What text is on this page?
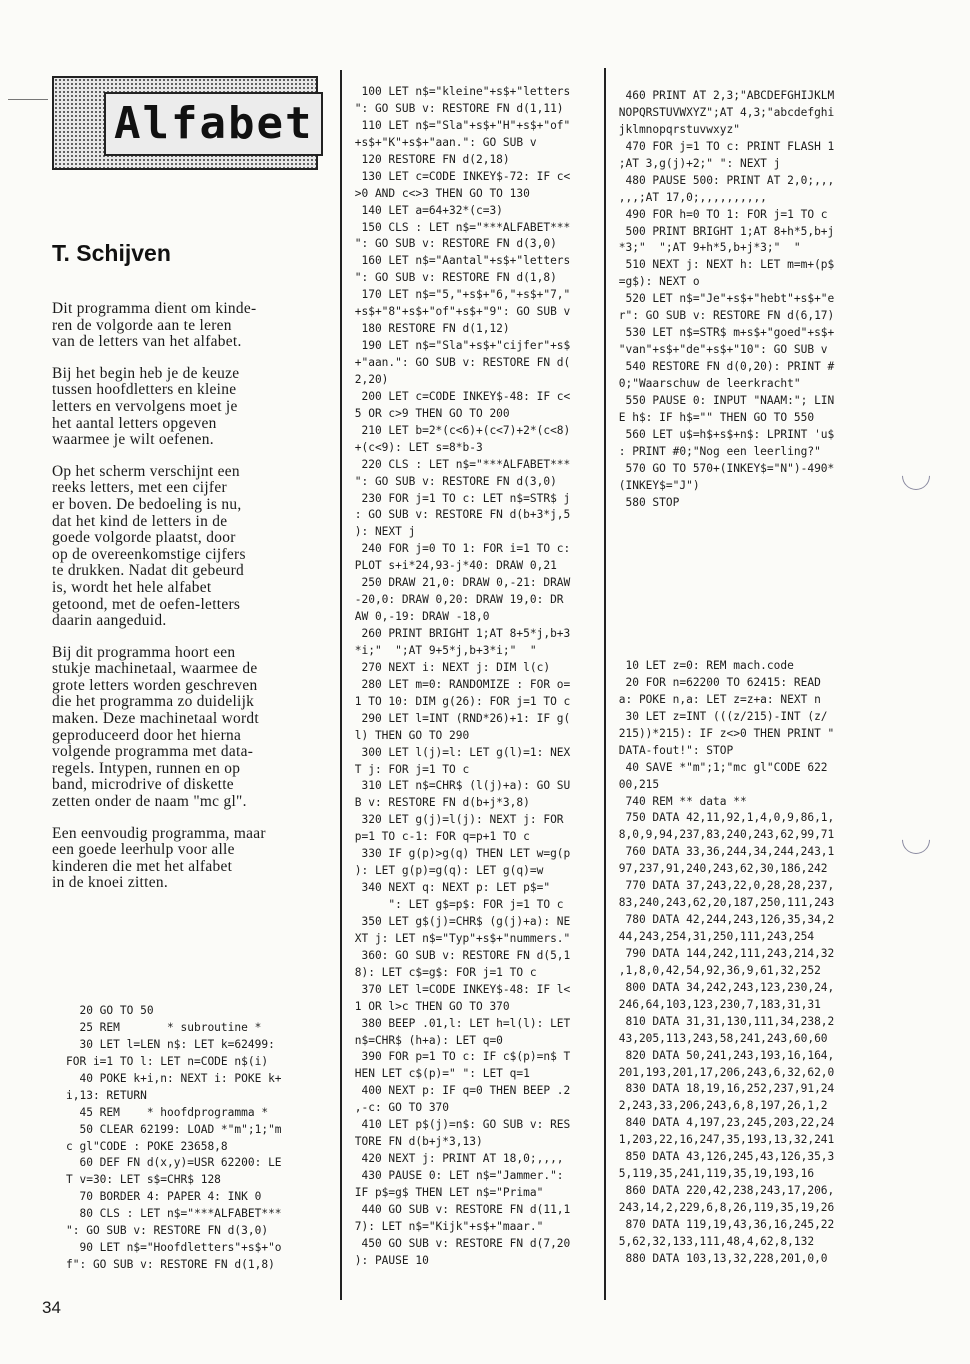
Alfabet
T. Schijven

Dit programma dient om kinde-
ren de volgorde aan te leren
van de letters van het alfabet.

Bij het begin heb je de keuze
tussen hoofdletters en kleine
letters en vervolgens moet je
het aantal letters opgeven
waarmee je wilt oefenen.

Op het scherm verschijnt een
reeks letters, met een cijfer
er boven. De bedoeling is nu,
dat het kind de letters in de
goede volgorde plaatst, door
op de overeenkomstige cijfers
te drukken. Nadat dit gebeurd
is, wordt het hele alfabet
getoond, met de oefen-letters
daarin aangeduid.

Bij dit programma hoort een
stukje machinetaal, waarmee de
grote letters worden geschreven
die het programma zo duidelijk
maken. Deze machinetaal wordt
geproduceerd door het hierna
volgende programma met data-
regels. Intypen, runnen en op
band, microdrive of diskette
zetten onder de naam "mc gl".

Een eenvoudig programma, maar
een goede leerhulp voor alle
kinderen die met het alfabet
in de knoei zitten.

20 GO TO 50
25 REM       * subroutine *
30 LET l=LEN n$: LET k=62499:
FOR i=1 TO l: LET n=CODE n$(i)
40 POKE k+i,n: NEXT i: POKE k+
i,13: RETURN
45 REM    * hoofdprogramma *
50 CLEAR 62199: LOAD *"m";1;"m
c gl"CODE : POKE 23658,8
60 DEF FN d(x,y)=USR 62200: LE
T v=30: LET s$=CHR$ 128
70 BORDER 4: PAPER 4: INK 0
80 CLS : LET n$="***ALFABET***
": GO SUB v: RESTORE FN d(3,0)
90 LET n$="Hoofdletters"+s$+"o
f": GO SUB v: RESTORE FN d(1,8)
100 LET n$="kleine"+s$+"letters
": GO SUB v: RESTORE FN d(1,11)
110 LET n$="Sla"+s$+"H"+s$+"of"
+s$+"K"+s$+"aan.": GO SUB v
120 RESTORE FN d(2,18)
130 LET c=CODE INKEY$-72: IF c<
>0 AND c<>3 THEN GO TO 130
140 LET a=64+32*(c=3)
150 CLS : LET n$="***ALFABET***
": GO SUB v: RESTORE FN d(3,0)
160 LET n$="Aantal"+s$+"letters
": GO SUB v: RESTORE FN d(1,8)
170 LET n$="5,"+s$+"6,"+s$+"7,"
+s$+"8"+s$+"of"+s$+"9": GO SUB v
180 RESTORE FN d(1,12)
190 LET n$="Sla"+s$+"cijfer"+s$
+"aan.": GO SUB v: RESTORE FN d(
2,20)
200 LET c=CODE INKEY$-48: IF c<
5 OR c>9 THEN GO TO 200
210 LET b=2*(c<6)+(c<7)+2*(c<8)
+(c<9): LET s=8*b-3
220 CLS : LET n$="***ALFABET***
": GO SUB v: RESTORE FN d(3,0)
230 FOR j=1 TO c: LET n$=STR$ j
: GO SUB v: RESTORE FN d(b+3*j,5
): NEXT j
240 FOR j=0 TO 1: FOR i=1 TO c:
PLOT s+i*24,93-j*40: DRAW 0,21
250 DRAW 21,0: DRAW 0,-21: DRAW
-20,0: DRAW 0,20: DRAW 19,0: DR
AW 0,-19: DRAW -18,0
260 PRINT BRIGHT 1;AT 8+5*j,b+3
*i;"  ";AT 9+5*j,b+3*i;"  "
270 NEXT i: NEXT j: DIM l(c)
280 LET m=0: RANDOMIZE : FOR o=
1 TO 10: DIM g(26): FOR j=1 TO c
290 LET l=INT (RND*26)+1: IF g(
l) THEN GO TO 290
300 LET l(j)=l: LET g(l)=1: NEX
T j: FOR j=1 TO c
310 LET n$=CHR$ (l(j)+a): GO SU
B v: RESTORE FN d(b+j*3,8)
320 LET g(j)=l(j): NEXT j: FOR
p=1 TO c-1: FOR q=p+1 TO c
330 IF g(p)>g(q) THEN LET w=g(p
): LET g(p)=g(q): LET g(q)=w
340 NEXT q: NEXT p: LET p$="
": LET g$=p$: FOR j=1 TO c
350 LET g$(j)=CHR$ (g(j)+a): NE
XT j: LET n$="Typ"+s$+"nummers."
360: GO SUB v: RESTORE FN d(5,1
8): LET c$=g$: FOR j=1 TO c
370 LET l=CODE INKEY$-48: IF l<
1 OR l>c THEN GO TO 370
380 BEEP .01,l: LET h=l(l): LET
n$=CHR$ (h+a): LET q=0
390 FOR p=1 TO c: IF c$(p)=n$ T
HEN LET c$(p)=" ": LET q=1
400 NEXT p: IF q=0 THEN BEEP .2
,-c: GO TO 370
410 LET p$(j)=n$: GO SUB v: RES
TORE FN d(b+j*3,13)
420 NEXT j: PRINT AT 18,0;,,,,
430 PAUSE 0: LET n$="Jammer.":
IF p$=g$ THEN LET n$="Prima"
440 GO SUB v: RESTORE FN d(11,1
7): LET n$="Kijk"+s$+"maar."
450 GO SUB v: RESTORE FN d(7,20
): PAUSE 10
460 PRINT AT 2,3;"ABCDEFGHIJKLM
NOPQRSTUVWXYZ";AT 4,3;"abcdefghi
jklmnopqrstuvwxyz"
470 FOR j=1 TO c: PRINT FLASH 1
;AT 3,g(j)+2;" ": NEXT j
480 PAUSE 500: PRINT AT 2,0;,,,
,,,;AT 17,0;,,,,,,,,,,
490 FOR h=0 TO 1: FOR j=1 TO c
500 PRINT BRIGHT 1;AT 8+h*5,b+j
*3;"  ";AT 9+h*5,b+j*3;"  "
510 NEXT j: NEXT h: LET m=m+(p$
=g$): NEXT o
520 LET n$="Je"+s$+"hebt"+s$+"e
r": GO SUB v: RESTORE FN d(6,17)
530 LET n$=STR$ m+s$+"goed"+s$+
"van"+s$+"de"+s$+"10": GO SUB v
540 RESTORE FN d(0,20): PRINT #
0;"Waarschuw de leerkracht"
550 PAUSE 0: INPUT "NAAM:"; LIN
E h$: IF h$="" THEN GO TO 550
560 LET u$=h$+s$+n$: LPRINT 'u$
: PRINT #0;"Nog een leerling?"
570 GO TO 570+(INKEY$="N")-490*
(INKEY$="J")
580 STOP
10 LET z=0: REM mach.code
20 FOR n=62200 TO 62415: READ
a: POKE n,a: LET z=z+a: NEXT n
30 LET z=INT (((z/215)-INT (z/
215))*215): IF z<>0 THEN PRINT "
DATA-fout!": STOP
40 SAVE *"m";1;"mc gl"CODE 622
00,215
740 REM ** data **
750 DATA 42,11,92,1,4,0,9,86,1,
8,0,9,94,237,83,240,243,62,99,71
760 DATA 33,36,244,34,244,243,1
97,237,91,240,243,62,30,186,242
770 DATA 37,243,22,0,28,28,237,
83,240,243,62,20,187,250,111,243
780 DATA 42,244,243,126,35,34,2
44,243,254,31,250,111,243,254
790 DATA 144,242,111,243,214,32
,1,8,0,42,54,92,36,9,61,32,252
800 DATA 34,242,243,123,230,24,
246,64,103,123,230,7,183,31,31
810 DATA 31,31,130,111,34,238,2
43,205,113,243,58,241,243,60,60
820 DATA 50,241,243,193,16,164,
201,193,201,17,206,243,6,32,62,0
830 DATA 18,19,16,252,237,91,24
2,243,33,206,243,6,8,197,26,1,2
840 DATA 4,197,23,245,203,22,24
1,203,22,16,247,35,193,13,32,241
850 DATA 43,126,245,43,126,35,3
5,119,35,241,119,35,19,193,16
860 DATA 220,42,238,243,17,206,
243,14,2,229,6,8,26,119,35,19,26
870 DATA 119,19,43,36,16,245,22
5,62,32,133,111,48,4,62,8,132
880 DATA 103,13,32,228,201,0,0
34
